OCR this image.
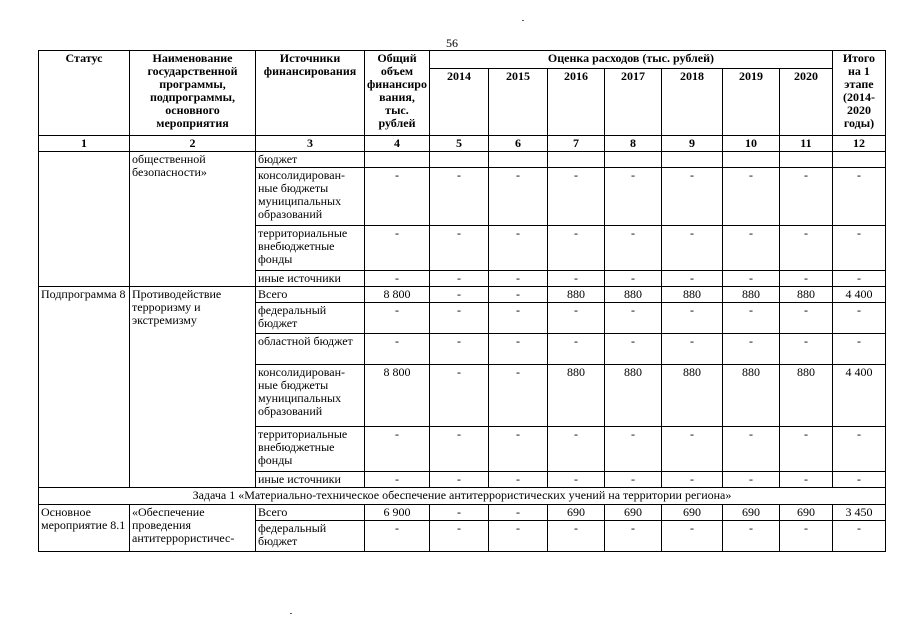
56
Статус	Наименование государственной программы, подпрограммы, основного мероприятия	Источники финансирования	Общий объем финансиро вания, тыс. рублей	Оценка расходов (тыс. рублей)							Итого на 1 этапе (2014-2020 годы)
				2014	2015	2016	2017	2018	2019	2020	
1	2	3	4	5	6	7	8	9	10	11	12
	общественной безопасности»	бюджет									
		консолидирован-ные бюджеты муниципальных образований	-	-	-	-	-	-	-	-	-
		территориальные внебюджетные фонды	-	-	-	-	-	-	-	-	-
		иные источники	-	-	-	-	-	-	-	-	-
Подпрограмма 8	Противодействие терроризму и экстремизму	Всего	8 800	-	-	880	880	880	880	880	4 400
		федеральный бюджет	-	-	-	-	-	-	-	-	-
		областной бюджет	-	-	-	-	-	-	-	-	-
		консолидирован-ные бюджеты муниципальных образований	8 800	-	-	880	880	880	880	880	4 400
		территориальные внебюджетные фонды	-	-	-	-	-	-	-	-	-
		иные источники	-	-	-	-	-	-	-	-	-
Задача 1 «Материально-техническое обеспечение антитеррористических учений на территории региона»											
Основное мероприятие 8.1	«Обеспечение проведения антитеррористичес-	Всего	6 900	-	-	690	690	690	690	690	3 450
		федеральный бюджет	-	-	-	-	-	-	-	-	-
